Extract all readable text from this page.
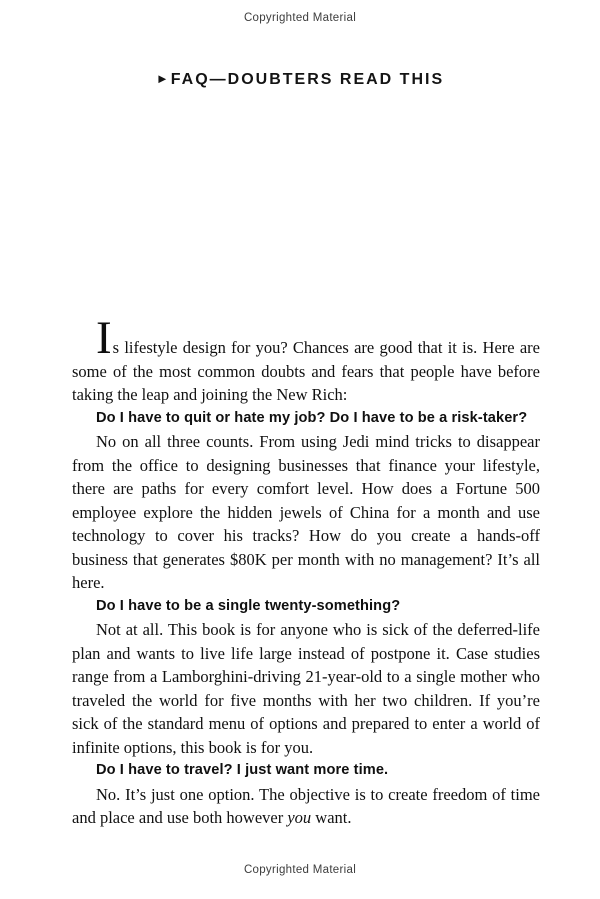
Copyrighted Material
► FAQ—DOUBTERS READ THIS

Is lifestyle design for you? Chances are good that it is. Here are some of the most common doubts and fears that people have before taking the leap and joining the New Rich:

Do I have to quit or hate my job? Do I have to be a risk-taker?

No on all three counts. From using Jedi mind tricks to disappear from the office to designing businesses that finance your lifestyle, there are paths for every comfort level. How does a Fortune 500 employee explore the hidden jewels of China for a month and use technology to cover his tracks? How do you create a hands-off business that generates $80K per month with no management? It’s all here.

Do I have to be a single twenty-something?

Not at all. This book is for anyone who is sick of the deferred-life plan and wants to live life large instead of postpone it. Case studies range from a Lamborghini-driving 21-year-old to a single mother who traveled the world for five months with her two children. If you’re sick of the standard menu of options and prepared to enter a world of infinite options, this book is for you.

Do I have to travel? I just want more time.

No. It’s just one option. The objective is to create freedom of time and place and use both however you want.

Copyrighted Material
